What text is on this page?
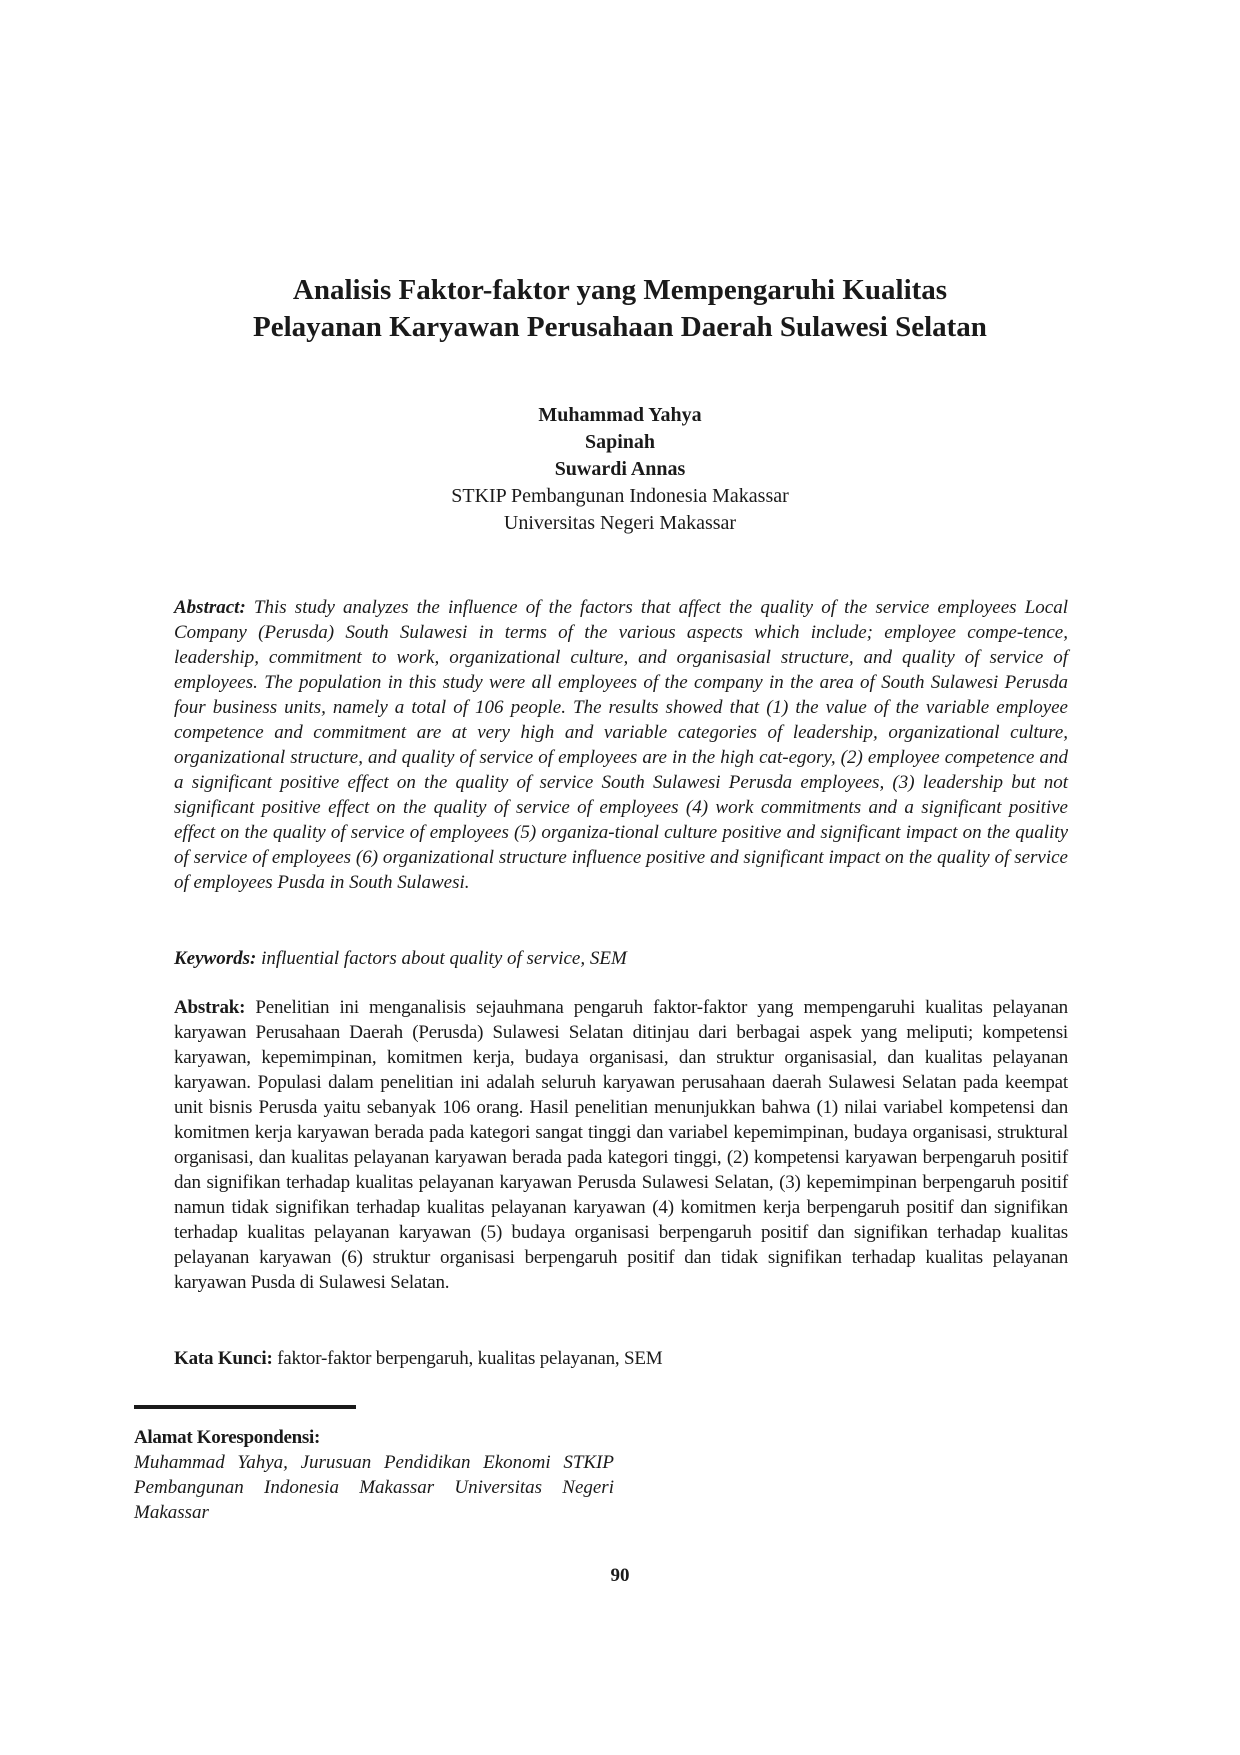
Analisis Faktor-faktor yang Mempengaruhi Kualitas
Pelayanan Karyawan Perusahaan Daerah Sulawesi Selatan
Muhammad Yahya
Sapinah
Suwardi Annas
STKIP Pembangunan Indonesia Makassar
Universitas Negeri Makassar

Abstract: This study analyzes the influence of the factors that affect the quality of the service employees Local Company (Perusda) South Sulawesi in terms of the various aspects which include; employee compe-tence, leadership, commitment to work, organizational culture, and organisasial structure, and quality of service of employees. The population in this study were all employees of the company in the area of South Sulawesi Perusda four business units, namely a total of 106 people. The results showed that (1) the value of the variable employee competence and commitment are at very high and variable categories of leadership, organizational culture, organizational structure, and quality of service of employees are in the high cat-egory, (2) employee competence and a significant positive effect on the quality of service South Sulawesi Perusda employees, (3) leadership but not significant positive effect on the quality of service of employees (4) work commitments and a significant positive effect on the quality of service of employees (5) organiza-tional culture positive and significant impact on the quality of service of employees (6) organizational structure influence positive and significant impact on the quality of service of employees Pusda in South Sulawesi.

Keywords: influential factors about quality of service, SEM

Abstrak: Penelitian ini menganalisis sejauhmana pengaruh faktor-faktor yang mempengaruhi kualitas pelayanan karyawan Perusahaan Daerah (Perusda) Sulawesi Selatan ditinjau dari berbagai aspek yang meliputi; kompetensi karyawan, kepemimpinan, komitmen kerja, budaya organisasi, dan struktur organisasial, dan kualitas pelayanan karyawan. Populasi dalam penelitian ini adalah seluruh karyawan perusahaan daerah Sulawesi Selatan pada keempat unit bisnis Perusda yaitu sebanyak 106 orang. Hasil penelitian menunjukkan bahwa (1) nilai variabel kompetensi dan komitmen kerja karyawan berada pada kategori sangat tinggi dan variabel kepemimpinan, budaya organisasi, struktural organisasi, dan kualitas pelayanan karyawan berada pada kategori tinggi, (2) kompetensi karyawan berpengaruh positif dan signifikan terhadap kualitas pelayanan karyawan Perusda Sulawesi Selatan, (3) kepemimpinan berpengaruh positif namun tidak signifikan terhadap kualitas pelayanan karyawan (4) komitmen kerja berpengaruh positif dan signifikan terhadap kualitas pelayanan karyawan (5) budaya organisasi berpengaruh positif dan signifikan terhadap kualitas pelayanan karyawan (6) struktur organisasi berpengaruh positif dan tidak signifikan terhadap kualitas pelayanan karyawan Pusda di Sulawesi Selatan.

Kata Kunci: faktor-faktor berpengaruh, kualitas pelayanan, SEM

Alamat Korespondensi:
Muhammad Yahya, Jurusuan Pendidikan Ekonomi STKIP Pembangunan Indonesia Makassar Universitas Negeri Makassar
90
